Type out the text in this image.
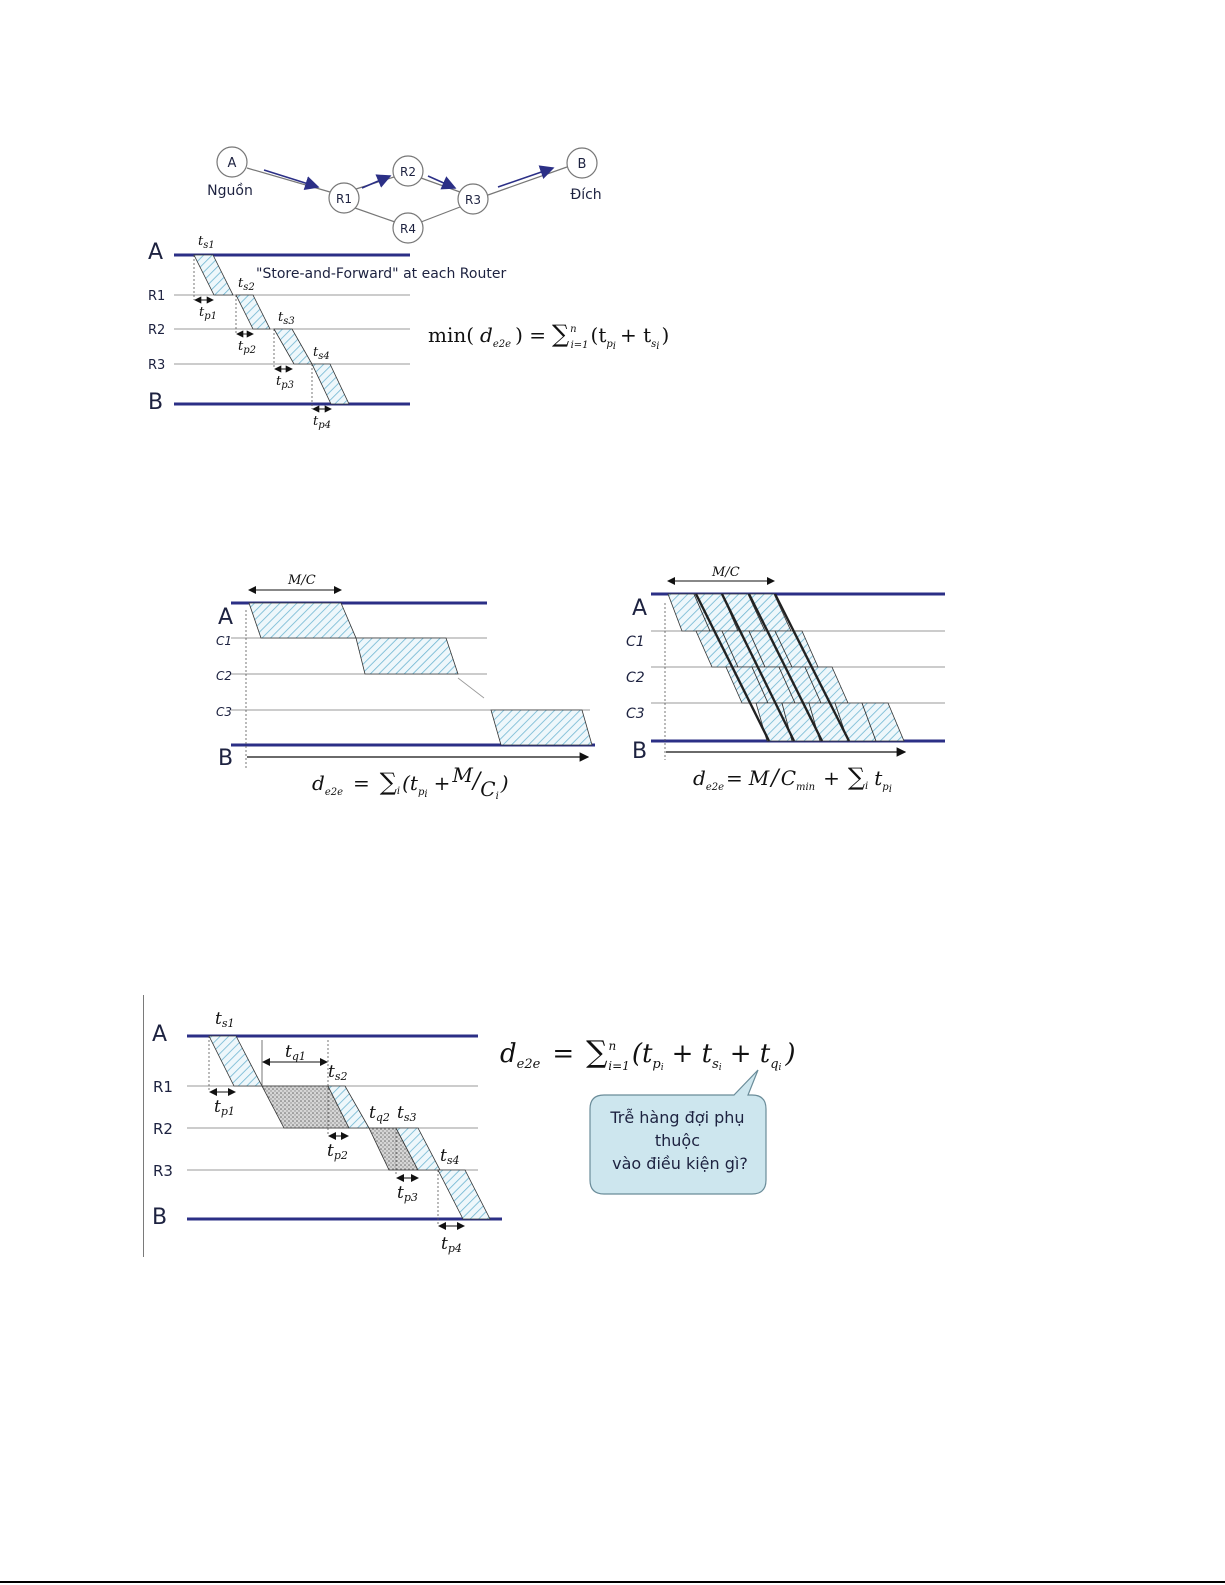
A
Nguồn	R1
R2
R3
R4
B
Đích
A
R1
R2
R3
B
$t_{s1}$
$t_{s2}$
$t_{s3}$
$t_{s4}$
$t_{p1}$
$t_{p2}$
$t_{p3}$
$t_{p4}$
"Store-and-Forward" at each Router
min( $d_{e2e}$ ) = ∑$^n$ i=1 ($t_pi + t_si$ )
A
C1
C2
C3
B
M/C
$d_{e2e} = \sum_i$ $(t_pi + M/Ci)$
A
C1
C2
C3
B
M/C
$d_{e2e} = M/$ $C_{min} + \sum_i$ $t_pi$
A
R1
R2
R3
B
ts1
tq1
ts2
tq2 ts3
ts4
tp1
tp2
tp3
tp4
$d_{e2e} = \sum^n$ $i=1(t_pi + t_si + t_qi$ )
Trễ hàng đợi phụ thuộc vào điều kiện gì?
